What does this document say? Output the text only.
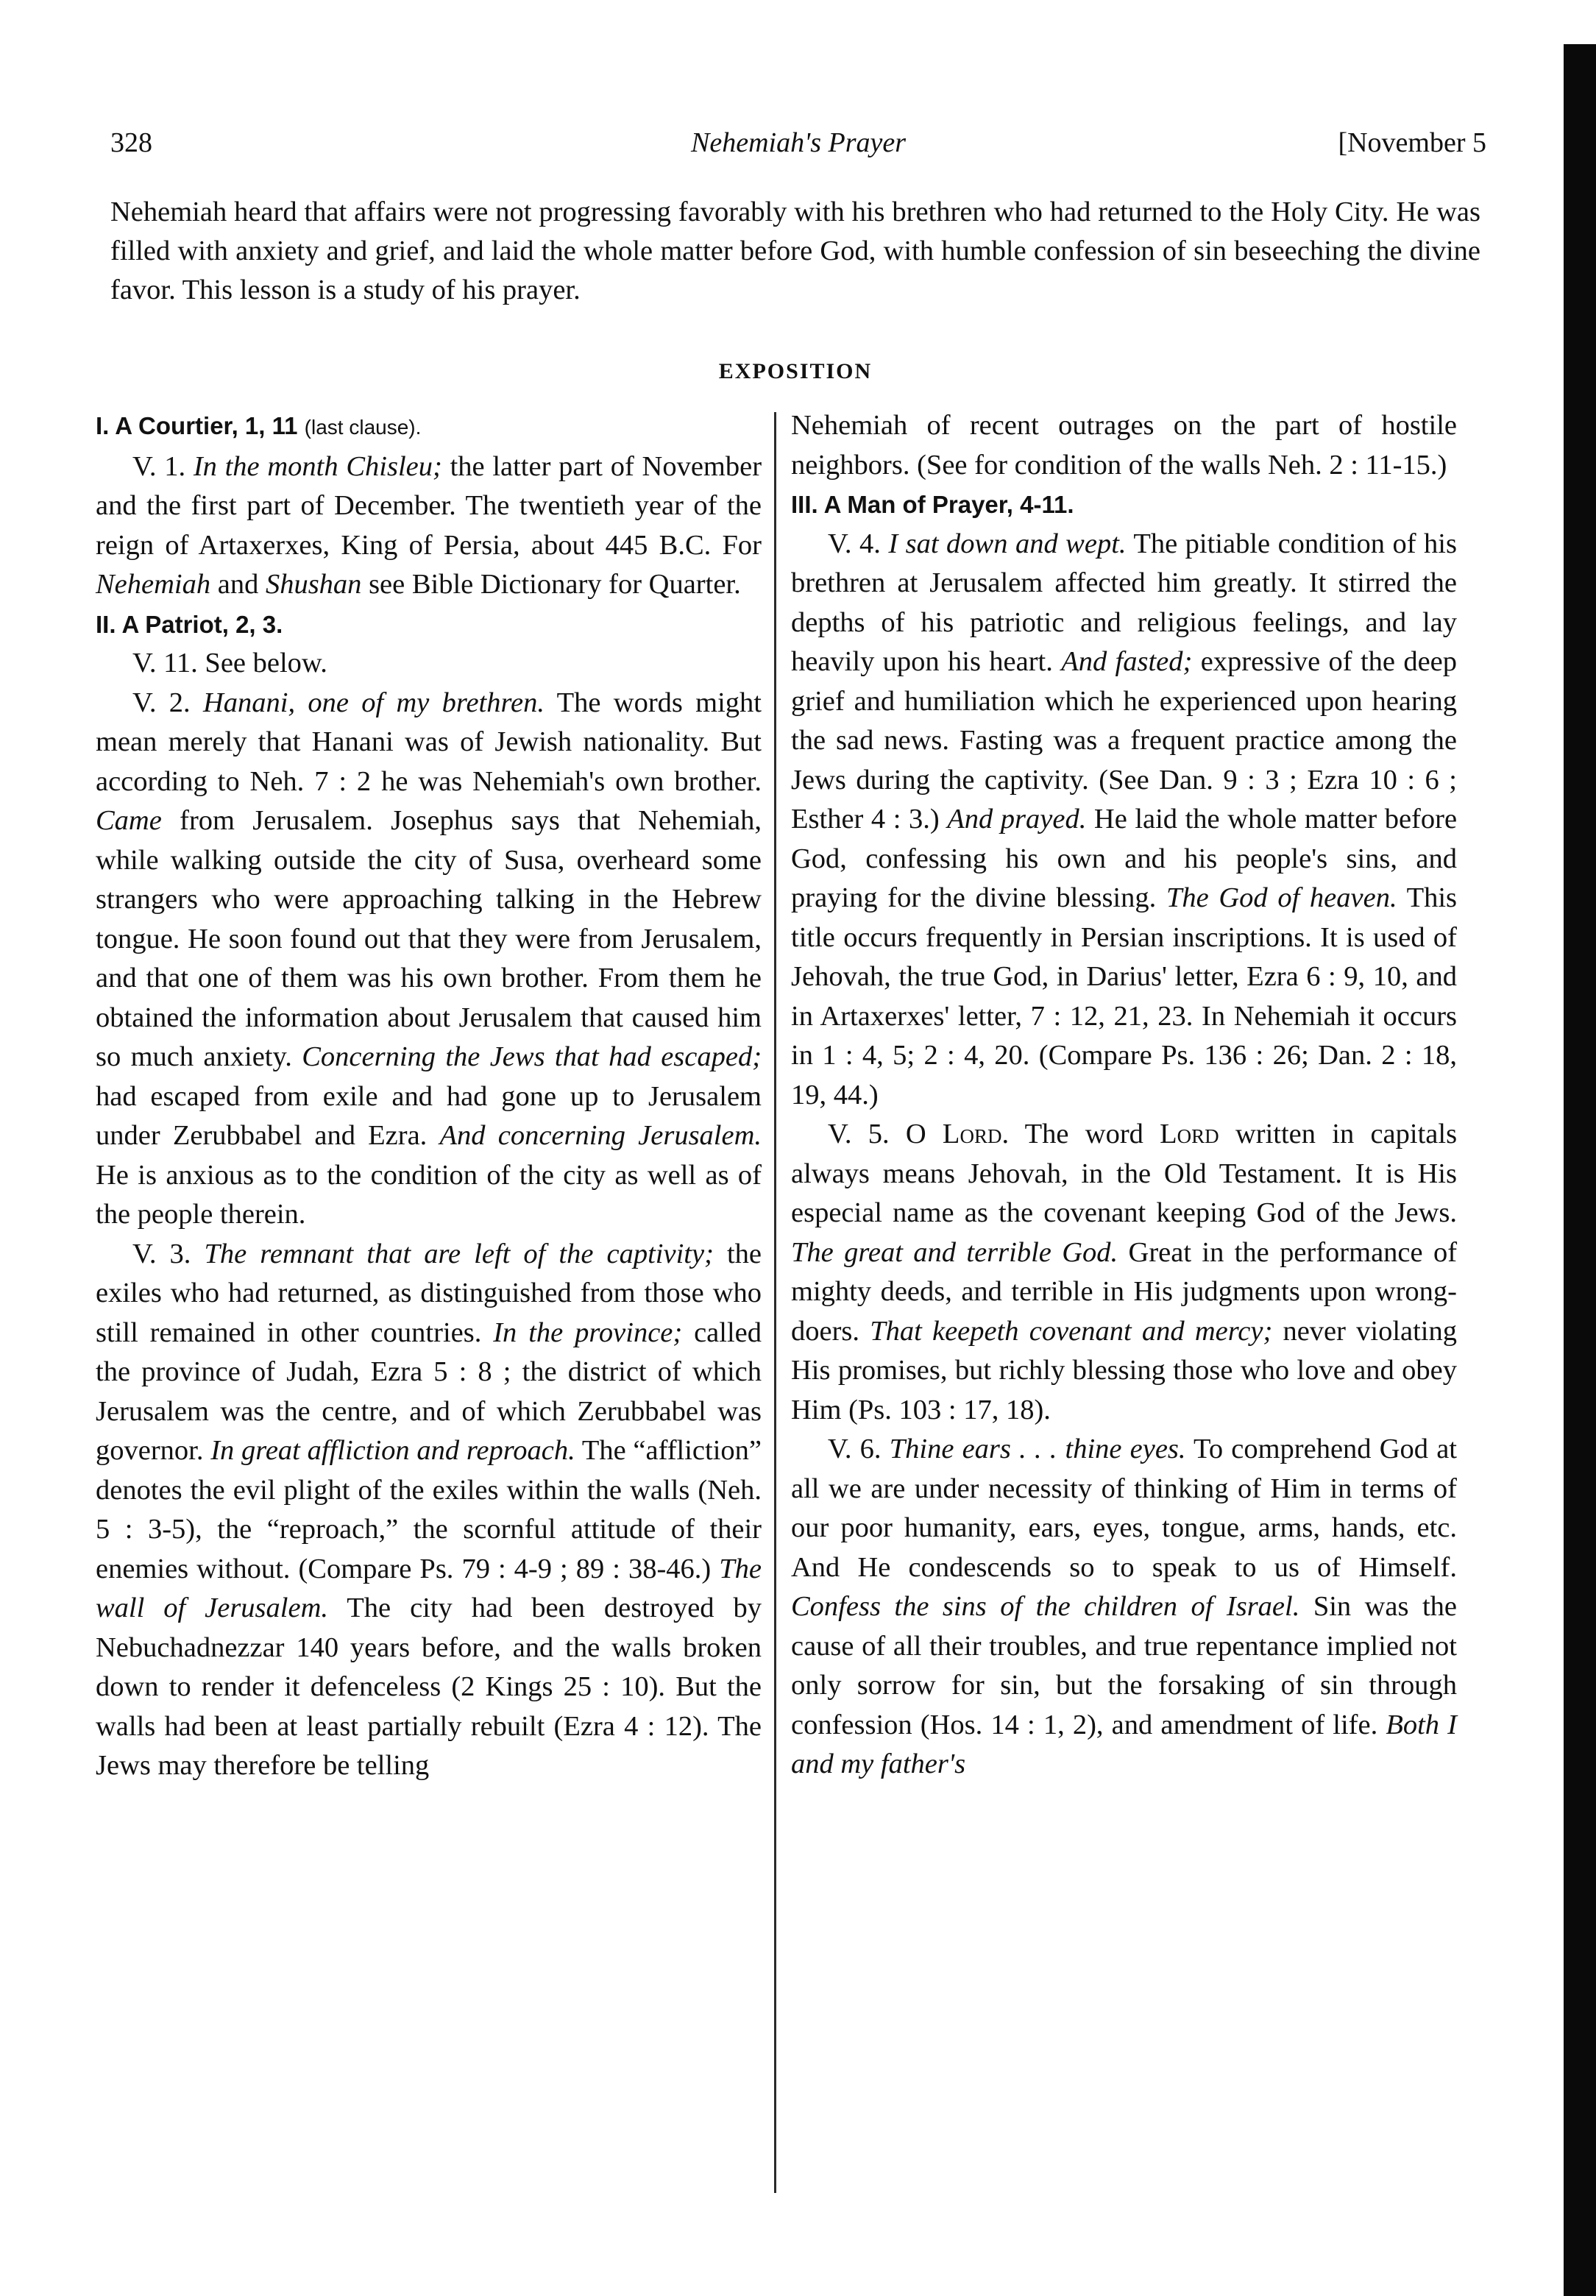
328	Nehemiah's Prayer	[November 5
Nehemiah heard that affairs were not progressing favorably with his brethren who had returned to the Holy City. He was filled with anxiety and grief, and laid the whole matter before God, with humble confession of sin beseeching the divine favor. This lesson is a study of his prayer.
EXPOSITION

I. A Courtier, 1, 11 (last clause).

V. 1. In the month Chisleu; the latter part of November and the first part of December. The twentieth year of the reign of Artaxerxes, King of Persia, about 445 B.C. For Nehemiah and Shushan see Bible Dictionary for Quarter.

II. A Patriot, 2, 3.

V. 11. See below.

V. 2. Hanani, one of my brethren. The words might mean merely that Hanani was of Jewish nationality. But according to Neh. 7 : 2 he was Nehemiah's own brother. Came from Jerusalem. Josephus says that Nehemiah, while walking outside the city of Susa, overheard some strangers who were approaching talking in the Hebrew tongue. He soon found out that they were from Jerusalem, and that one of them was his own brother. From them he obtained the information about Jerusalem that caused him so much anxiety. Concerning the Jews that had escaped; had escaped from exile and had gone up to Jerusalem under Zerubbabel and Ezra. And concerning Jerusalem. He is anxious as to the condition of the city as well as of the people therein.

V. 3. The remnant that are left of the captivity; the exiles who had returned, as distinguished from those who still remained in other countries. In the province; called the province of Judah, Ezra 5 : 8 ; the district of which Jerusalem was the centre, and of which Zerubbabel was governor. In great affliction and reproach. The “affliction” denotes the evil plight of the exiles within the walls (Neh. 5 : 3-5), the “reproach,” the scornful attitude of their enemies without. (Compare Ps. 79 : 4-9 ; 89 : 38-46.) The wall of Jerusalem. The city had been destroyed by Nebuchadnezzar 140 years before, and the walls broken down to render it defenceless (2 Kings 25 : 10). But the walls had been at least partially rebuilt (Ezra 4 : 12). The Jews may therefore be telling

Nehemiah of recent outrages on the part of hostile neighbors. (See for condition of the walls Neh. 2 : 11-15.)

III. A Man of Prayer, 4-11.

V. 4. I sat down and wept. The pitiable condition of his brethren at Jerusalem affected him greatly. It stirred the depths of his patriotic and religious feelings, and lay heavily upon his heart. And fasted; expressive of the deep grief and humiliation which he experienced upon hearing the sad news. Fasting was a frequent practice among the Jews during the captivity. (See Dan. 9 : 3 ; Ezra 10 : 6 ; Esther 4 : 3.) And prayed. He laid the whole matter before God, confessing his own and his people's sins, and praying for the divine blessing. The God of heaven. This title occurs frequently in Persian inscriptions. It is used of Jehovah, the true God, in Darius' letter, Ezra 6 : 9, 10, and in Artaxerxes' letter, 7 : 12, 21, 23. In Nehemiah it occurs in 1 : 4, 5; 2 : 4, 20. (Compare Ps. 136 : 26; Dan. 2 : 18, 19, 44.)

V. 5. O Lord. The word Lord written in capitals always means Jehovah, in the Old Testament. It is His especial name as the covenant keeping God of the Jews. The great and terrible God. Great in the performance of mighty deeds, and terrible in His judgments upon wrong-doers. That keepeth covenant and mercy; never violating His promises, but richly blessing those who love and obey Him (Ps. 103 : 17, 18).

V. 6. Thine ears . . . thine eyes. To comprehend God at all we are under necessity of thinking of Him in terms of our poor humanity, ears, eyes, tongue, arms, hands, etc. And He condescends so to speak to us of Himself. Confess the sins of the children of Israel. Sin was the cause of all their troubles, and true repentance implied not only sorrow for sin, but the forsaking of sin through confession (Hos. 14 : 1, 2), and amendment of life. Both I and my father's
